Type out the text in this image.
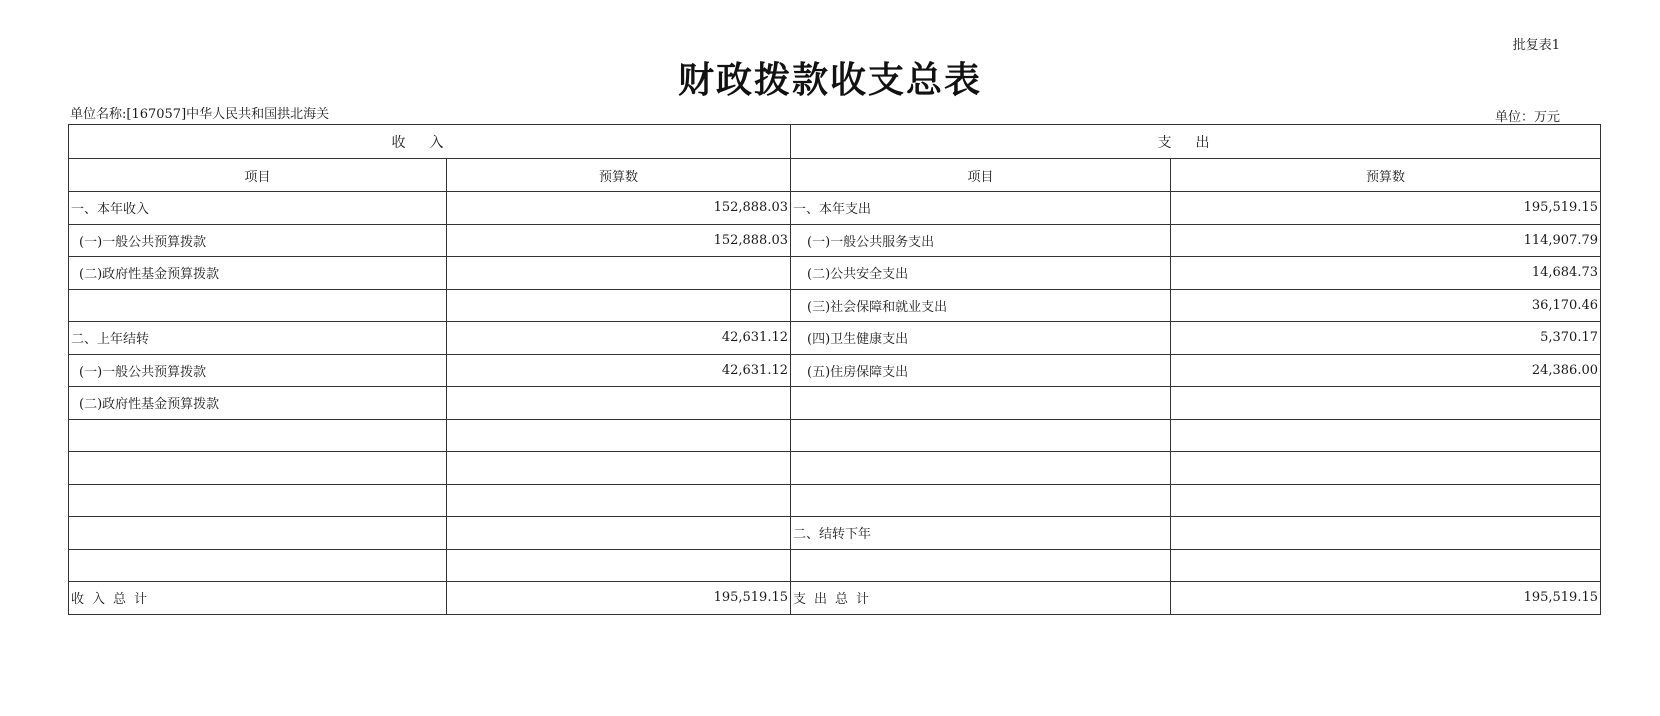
批复表1
财政拨款收支总表
单位名称:[167057]中华人民共和国拱北海关	单位：万元
收入		支出	
项目	预算数	项目	预算数
一、本年收入	152,888.03	一、本年支出	195,519.15
(一)一般公共预算拨款	152,888.03	(一)一般公共服务支出	114,907.79
(二)政府性基金预算拨款		(二)公共安全支出	14,684.73
		(三)社会保障和就业支出	36,170.46
二、上年结转	42,631.12	(四)卫生健康支出	5,370.17
(一)一般公共预算拨款	42,631.12	(五)住房保障支出	24,386.00
(二)政府性基金预算拨款			

		二、结转下年	

收入总计	195,519.15	支出总计	195,519.15
